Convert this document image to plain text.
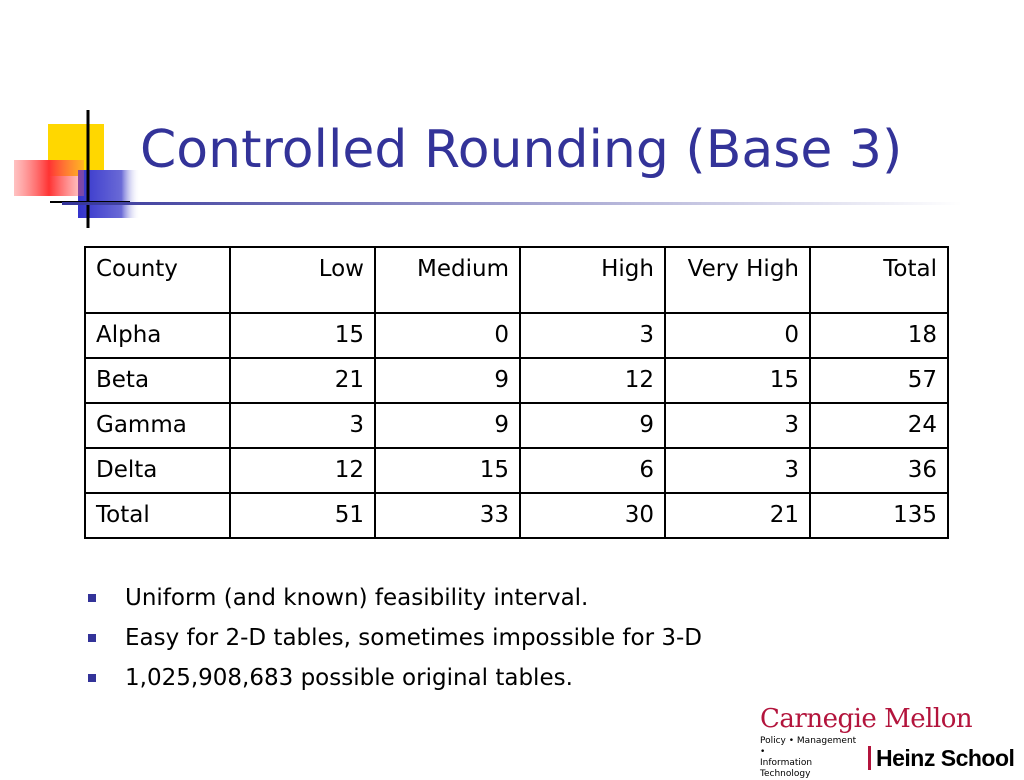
Controlled Rounding (Base 3)
County	Low	Medium	High	Very High	Total
Alpha	15	0	3	0	18
Beta	21	9	12	15	57
Gamma	3	9	9	3	24
Delta	12	15	6	3	36
Total	51	33	30	21	135
Uniform (and known) feasibility interval.
Easy for 2-D tables, sometimes impossible for 3-D
1,025,908,683 possible original tables.
Carnegie Mellon
Policy • Management •
Information Technology
Heinz School
